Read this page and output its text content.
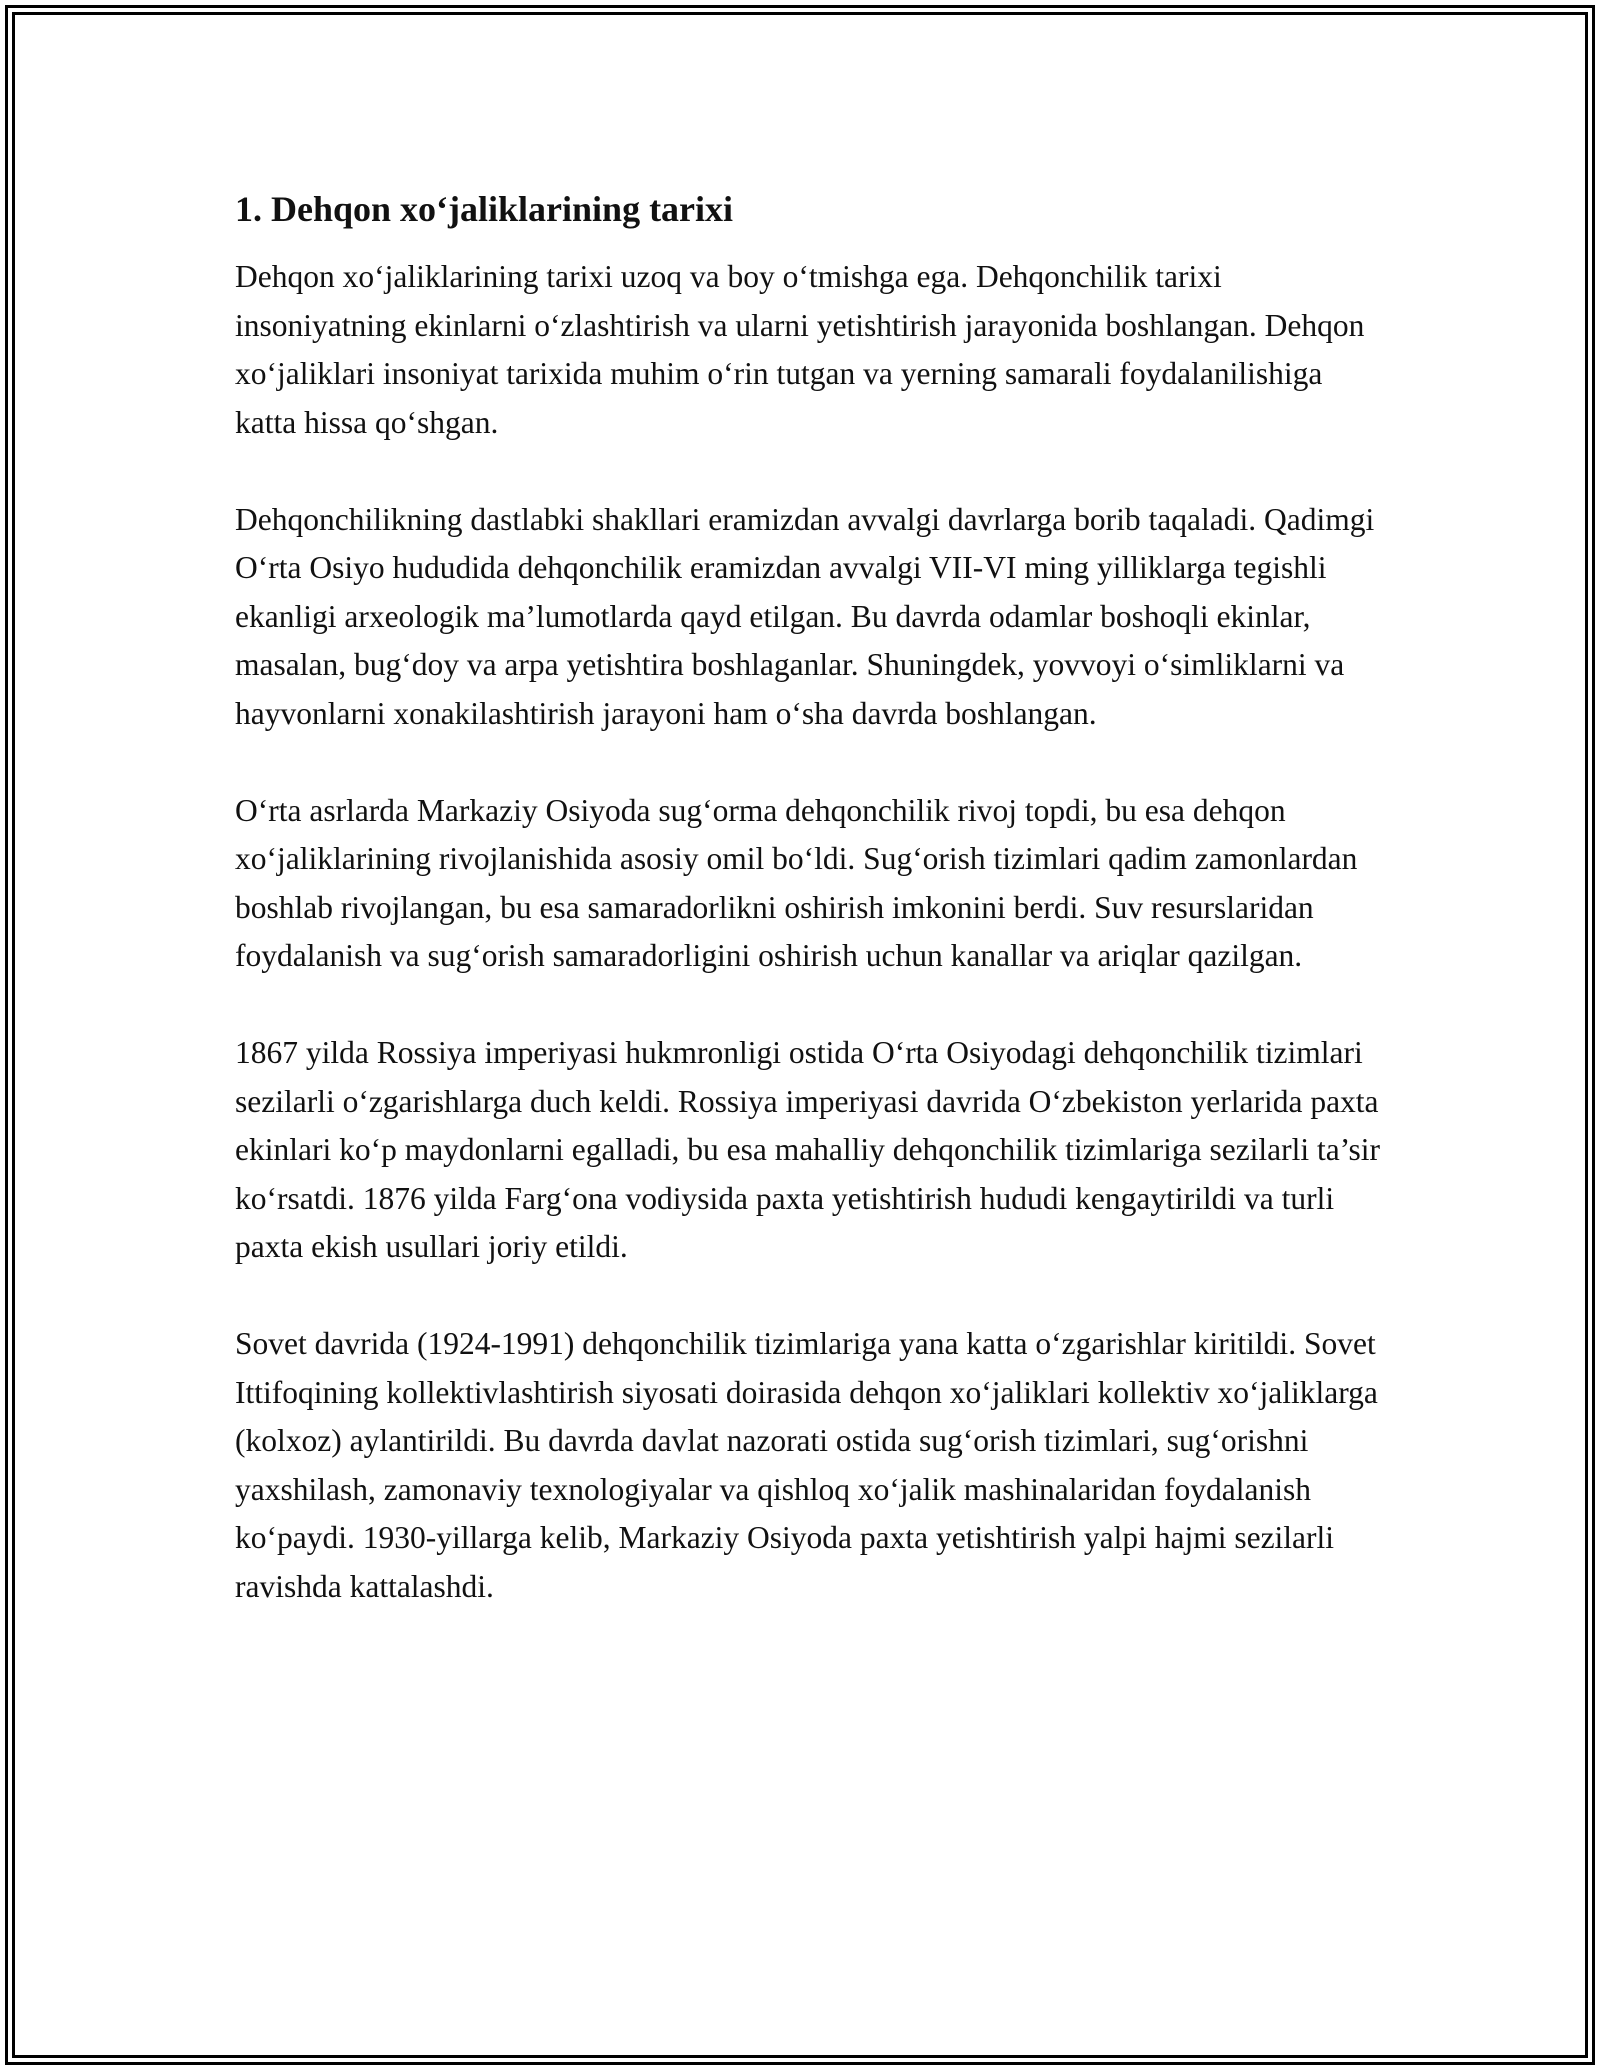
1. Dehqon xo‘jaliklarining tarixi

Dehqon xo‘jaliklarining tarixi uzoq va boy o‘tmishga ega. Dehqonchilik tarixi insoniyatning ekinlarni o‘zlashtirish va ularni yetishtirish jarayonida boshlangan. Dehqon xo‘jaliklari insoniyat tarixida muhim o‘rin tutgan va yerning samarali foydalanilishiga katta hissa qo‘shgan.

Dehqonchilikning dastlabki shakllari eramizdan avvalgi davrlarga borib taqaladi. Qadimgi O‘rta Osiyo hududida dehqonchilik eramizdan avvalgi VII-VI ming yilliklarga tegishli ekanligi arxeologik ma’lumotlarda qayd etilgan. Bu davrda odamlar boshoqli ekinlar, masalan, bug‘doy va arpa yetishtira boshlaganlar. Shuningdek, yovvoyi o‘simliklarni va hayvonlarni xonakilashtirish jarayoni ham o‘sha davrda boshlangan.

O‘rta asrlarda Markaziy Osiyoda sug‘orma dehqonchilik rivoj topdi, bu esa dehqon xo‘jaliklarining rivojlanishida asosiy omil bo‘ldi. Sug‘orish tizimlari qadim zamonlardan boshlab rivojlangan, bu esa samaradorlikni oshirish imkonini berdi. Suv resurslaridan foydalanish va sug‘orish samaradorligini oshirish uchun kanallar va ariqlar qazilgan.

1867 yilda Rossiya imperiyasi hukmronligi ostida O‘rta Osiyodagi dehqonchilik tizimlari sezilarli o‘zgarishlarga duch keldi. Rossiya imperiyasi davrida O‘zbekiston yerlarida paxta ekinlari ko‘p maydonlarni egalladi, bu esa mahalliy dehqonchilik tizimlariga sezilarli ta’sir ko‘rsatdi. 1876 yilda Farg‘ona vodiysida paxta yetishtirish hududi kengaytirildi va turli paxta ekish usullari joriy etildi.

Sovet davrida (1924-1991) dehqonchilik tizimlariga yana katta o‘zgarishlar kiritildi. Sovet Ittifoqining kollektivlashtirish siyosati doirasida dehqon xo‘jaliklari kollektiv xo‘jaliklarga (kolxoz) aylantirildi. Bu davrda davlat nazorati ostida sug‘orish tizimlari, sug‘orishni yaxshilash, zamonaviy texnologiyalar va qishloq xo‘jalik mashinalaridan foydalanish ko‘paydi. 1930-yillarga kelib, Markaziy Osiyoda paxta yetishtirish yalpi hajmi sezilarli ravishda kattalashdi.
